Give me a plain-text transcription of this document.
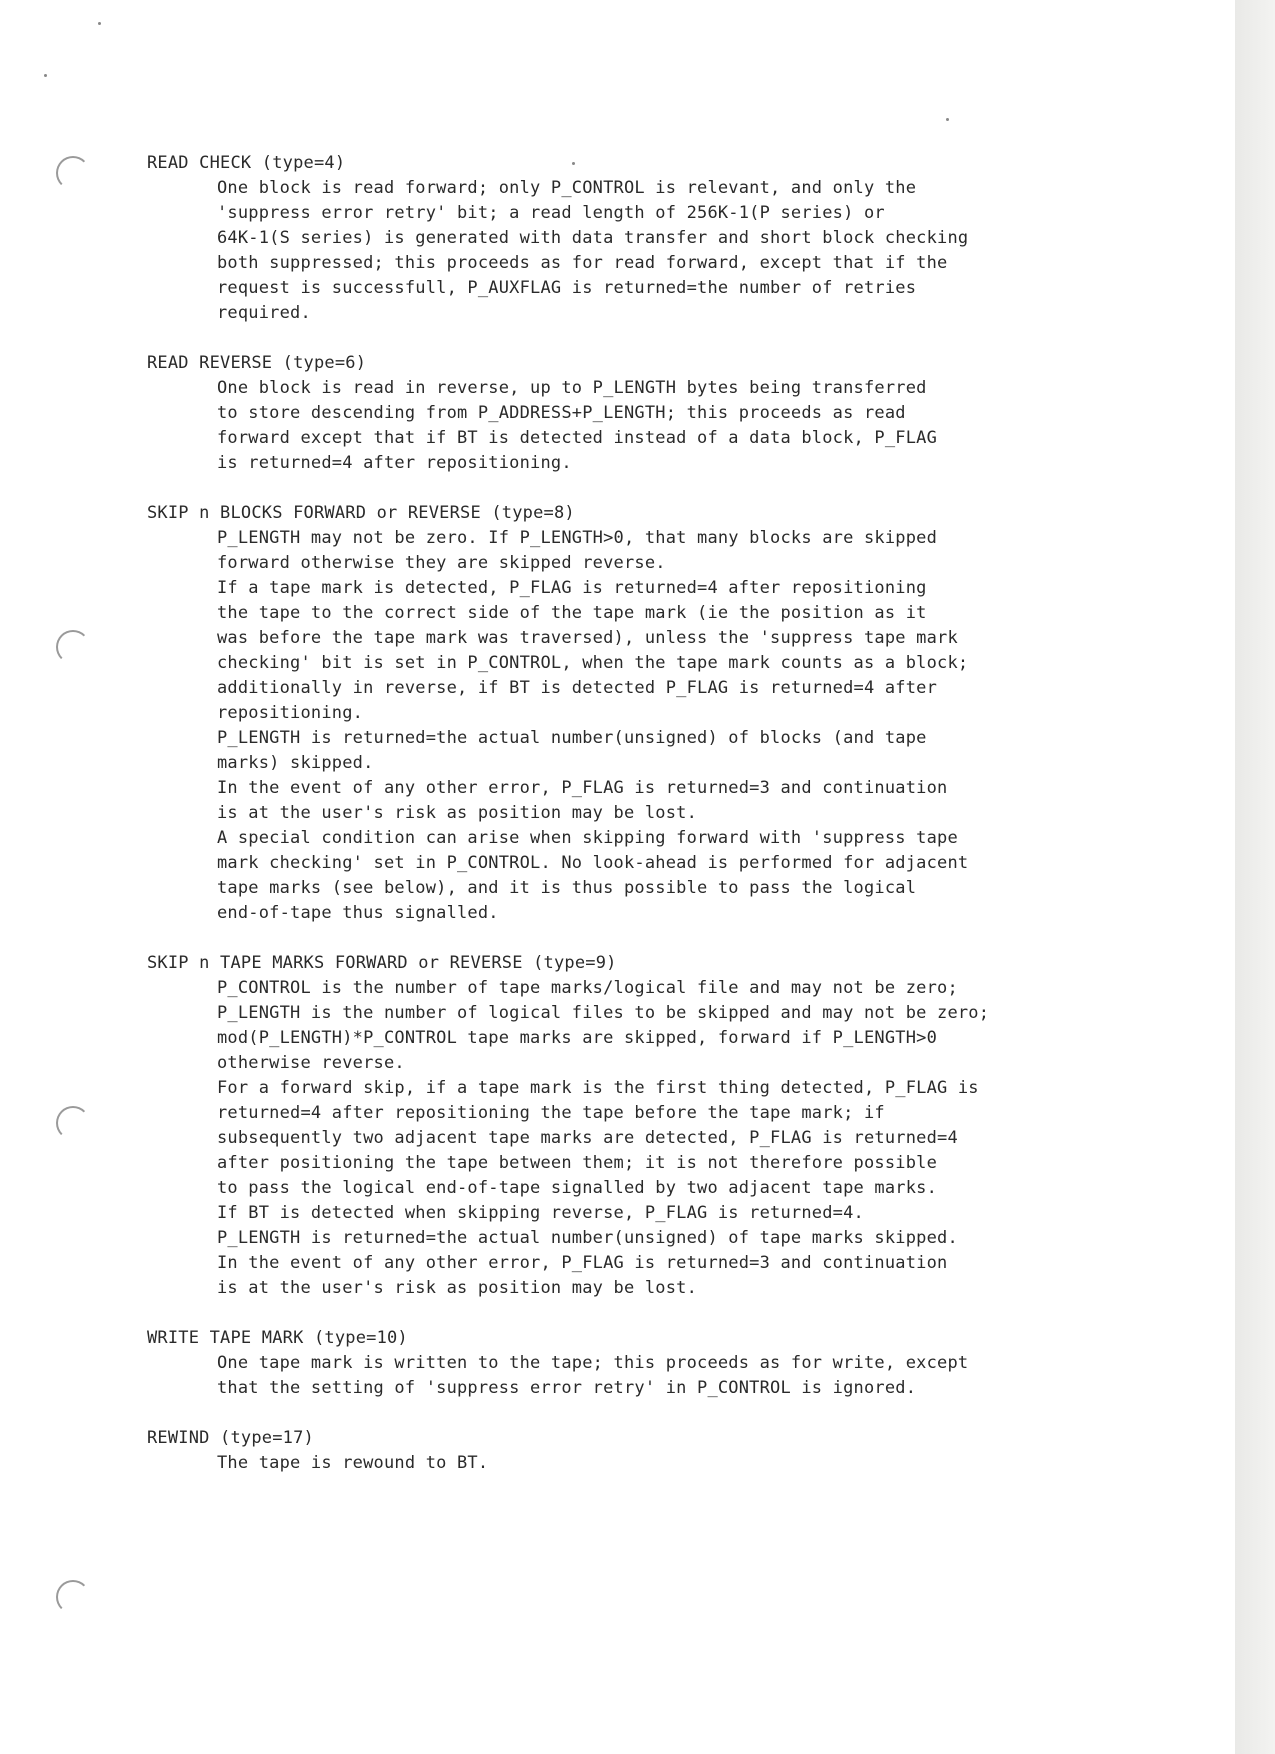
READ CHECK (type=4)
One block is read forward; only P_CONTROL is relevant, and only the
'suppress error retry' bit; a read length of 256K-1(P series) or
64K-1(S series) is generated with data transfer and short block checking
both suppressed; this proceeds as for read forward, except that if the
request is successfull, P_AUXFLAG is returned=the number of retries
required.
READ REVERSE (type=6)
One block is read in reverse, up to P_LENGTH bytes being transferred
to store descending from P_ADDRESS+P_LENGTH; this proceeds as read
forward except that if BT is detected instead of a data block, P_FLAG
is returned=4 after repositioning.
SKIP n BLOCKS FORWARD or REVERSE (type=8)
P_LENGTH may not be zero. If P_LENGTH>0, that many blocks are skipped
forward otherwise they are skipped reverse.
If a tape mark is detected, P_FLAG is returned=4 after repositioning
the tape to the correct side of the tape mark (ie the position as it
was before the tape mark was traversed), unless the 'suppress tape mark
checking' bit is set in P_CONTROL, when the tape mark counts as a block;
additionally in reverse, if BT is detected P_FLAG is returned=4 after
repositioning.
P_LENGTH is returned=the actual number(unsigned) of blocks (and tape
marks) skipped.
In the event of any other error, P_FLAG is returned=3 and continuation
is at the user's risk as position may be lost.
A special condition can arise when skipping forward with 'suppress tape
mark checking' set in P_CONTROL. No look-ahead is performed for adjacent
tape marks (see below), and it is thus possible to pass the logical
end-of-tape thus signalled.
SKIP n TAPE MARKS FORWARD or REVERSE (type=9)
P_CONTROL is the number of tape marks/logical file and may not be zero;
P_LENGTH is the number of logical files to be skipped and may not be zero;
mod(P_LENGTH)*P_CONTROL tape marks are skipped, forward if P_LENGTH>0
otherwise reverse.
For a forward skip, if a tape mark is the first thing detected, P_FLAG is
returned=4 after repositioning the tape before the tape mark; if
subsequently two adjacent tape marks are detected, P_FLAG is returned=4
after positioning the tape between them; it is not therefore possible
to pass the logical end-of-tape signalled by two adjacent tape marks.
If BT is detected when skipping reverse, P_FLAG is returned=4.
P_LENGTH is returned=the actual number(unsigned) of tape marks skipped.
In the event of any other error, P_FLAG is returned=3 and continuation
is at the user's risk as position may be lost.
WRITE TAPE MARK (type=10)
One tape mark is written to the tape; this proceeds as for write, except
that the setting of 'suppress error retry' in P_CONTROL is ignored.
REWIND (type=17)
The tape is rewound to BT.
